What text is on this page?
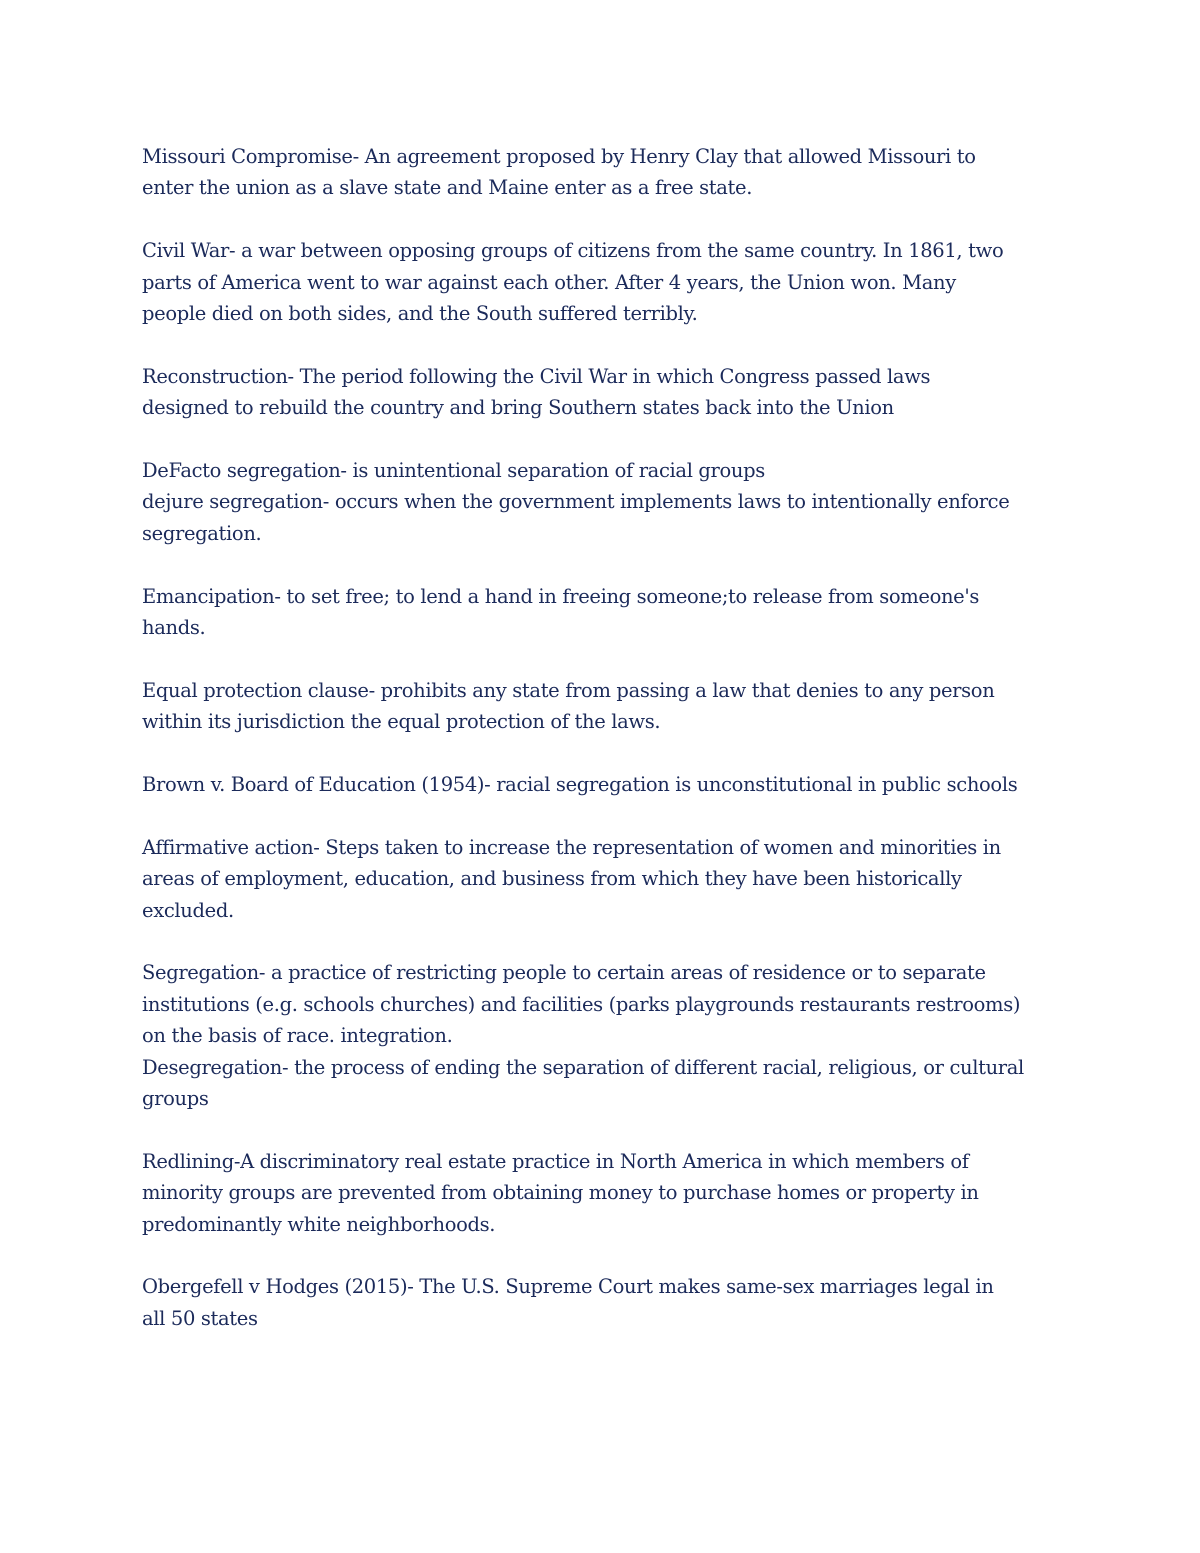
Missouri Compromise- An agreement proposed by Henry Clay that allowed Missouri to
enter the union as a slave state and Maine enter as a free state.

Civil War- a war between opposing groups of citizens from the same country. In 1861, two
parts of America went to war against each other. After 4 years, the Union won. Many
people died on both sides, and the South suffered terribly.

Reconstruction- The period following the Civil War in which Congress passed laws
designed to rebuild the country and bring Southern states back into the Union

DeFacto segregation- is unintentional separation of racial groups
dejure segregation- occurs when the government implements laws to intentionally enforce
segregation.

Emancipation- to set free; to lend a hand in freeing someone;to release from someone's
hands.

Equal protection clause- prohibits any state from passing a law that denies to any person
within its jurisdiction the equal protection of the laws.

Brown v. Board of Education (1954)- racial segregation is unconstitutional in public schools

Affirmative action- Steps taken to increase the representation of women and minorities in
areas of employment, education, and business from which they have been historically
excluded.

Segregation- a practice of restricting people to certain areas of residence or to separate
institutions (e.g. schools churches) and facilities (parks playgrounds restaurants restrooms)
on the basis of race. integration.
Desegregation- the process of ending the separation of different racial, religious, or cultural
groups

Redlining-A discriminatory real estate practice in North America in which members of
minority groups are prevented from obtaining money to purchase homes or property in
predominantly white neighborhoods.

Obergefell v Hodges (2015)- The U.S. Supreme Court makes same-sex marriages legal in
all 50 states
